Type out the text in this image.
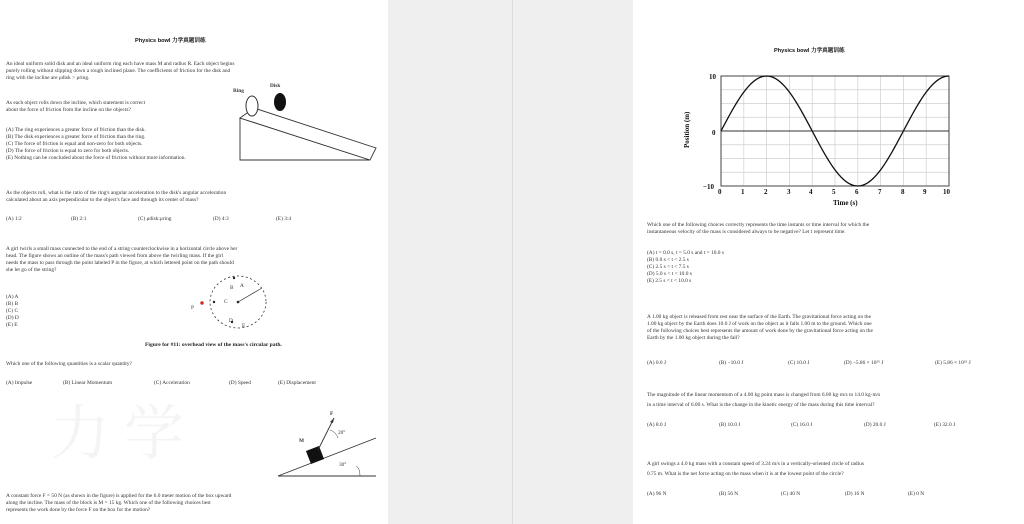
Physics bowl 力学真题训练

An ideal uniform solid disk and an ideal uniform ring each have mass M and radius R. Each object begins

purely rolling without slipping down a rough inclined plane. The coefficients of friction for the disk and

ring with the incline are μdisk > μring.

Ring

Disk

As each object rolls down the incline, which statement is correct

about the force of friction from the incline on the objects?

(A) The ring experiences a greater force of friction than the disk.

(B) The disk experiences a greater force of friction than the ring.

(C) The force of friction is equal and non-zero for both objects.

(D) The force of friction is equal to zero for both objects.

(E) Nothing can be concluded about the force of friction without more information.

As the objects roll, what is the ratio of the ring's angular acceleration to the disk's angular acceleration

calculated about an axis perpendicular to the object's face and through its center of mass?

(A) 1:2	(B) 2:1	(C) μdisk:μring	(D) 4:3	(E) 3:4

A girl twirls a small mass connected to the end of a string counterclockwise in a horizontal circle above her

head. The figure shows an outline of the mass's path viewed from above the twirling mass. If the girl

needs the mass to pass through the point labeled P in the figure, at which lettered point on the path should

she let go of the string?

(A) A

(B) B

(C) C

(D) D

(E) E

P

C

B A

D

E

Figure for #11: overhead view of the mass's circular path.

Which one of the following quantities is a scalar quantity?

(A) Impulse	(B) Linear Momentum	(C) Acceleration	(D) Speed	(E) Displacement

F

M

20°

30°

A constant force F = 50 N (as shown in the figure) is applied for the 6.0 meter motion of the box upward

along the incline. The mass of the block is M = 15 kg. Which one of the following choices best

represents the work done by the force F on the box for the motion?

Physics bowl 力学真题训练

Position (m)

Time (s)

10

0

−10

0	1	2	3	4	5	6	7	8	9 10

Which one of the following choices correctly represents the time instants or time interval for which the

instantaneous velocity of the mass is considered always to be negative? Let t represent time.

(A) t = 0.0 s, t = 5.0 s and t = 10.0 s

(B) 0.0 s < t < 2.5 s

(C) 2.5 s < t < 7.5 s

(D) 5.0 s < t < 10.0 s

(E) 2.5 s < t < 10.0 s

A 1.00 kg object is released from rest near the surface of the Earth. The gravitational force acting on the

1.00 kg object by the Earth does 10.0 J of work on the object as it falls 1.00 m to the ground. Which one

of the following choices best represents the amount of work done by the gravitational force acting on the

Earth by the 1.00 kg object during the fall?

(A) 0.0 J	(B) −10.0 J	(C) 10.0 J	(D) −5.86 × 10²⁵ J	(E) 5.86 × 10²⁵ J

The magnitude of the linear momentum of a 4.00 kg point mass is changed from 6.00 kg·m/s to 14.0 kg·m/s

in a time interval of 6.00 s. What is the change in the kinetic energy of the mass during this time interval?

(A) 8.0 J	(B) 10.0 J	(C) 16.0 J	(D) 20.0 J	(E) 32.0 J

A girl swings a 4.0 kg mass with a constant speed of 3.24 m/s in a vertically-oriented circle of radius

0.75 m. What is the net force acting on the mass when it is at the lowest point of the circle?

(A) 96 N	(B) 56 N	(C) 40 N	(D) 16 N	(E) 0 N
